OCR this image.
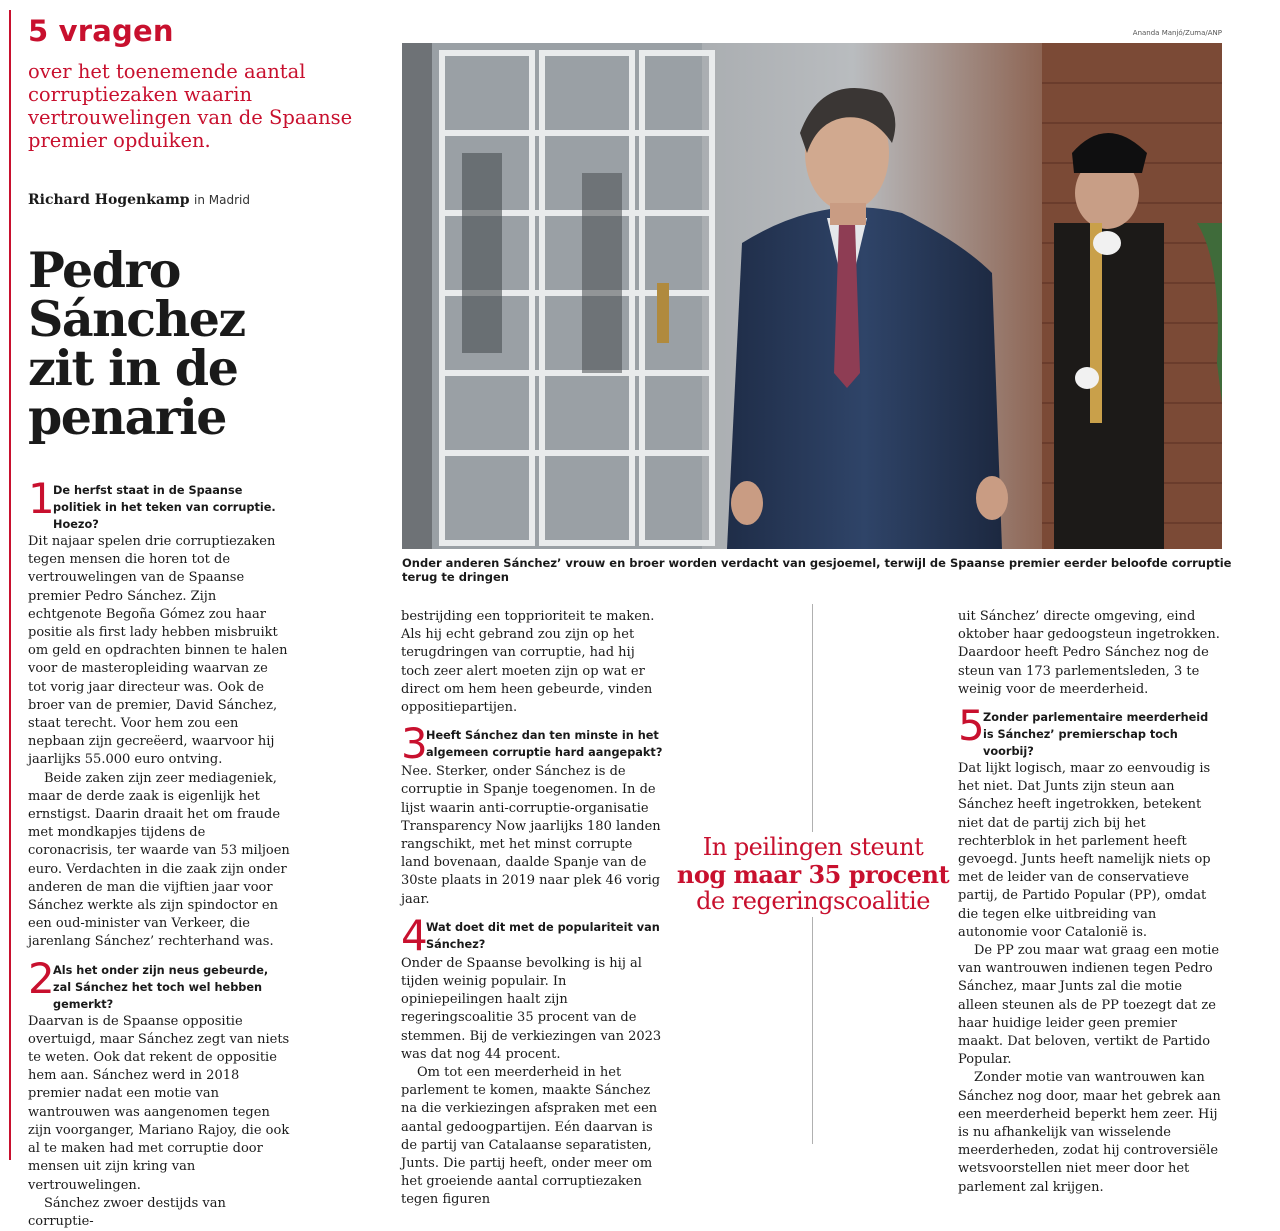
5 vragen
over het toenemende aantal corruptiezaken waarin vertrouwelingen van de Spaanse premier opduiken.
Richard Hogenkamp in Madrid
Pedro
Sánchez
zit in de
penarie
Ananda Manjó/Zuma/ANP
Onder anderen Sánchez’ vrouw en broer worden verdacht van gesjoemel, terwijl de Spaanse premier eerder beloofde corruptie terug te dringen
1
De herfst staat in de Spaanse politiek in het teken van corruptie. Hoezo?

Dit najaar spelen drie corruptiezaken tegen mensen die horen tot de vertrouwelingen van de Spaanse premier Pedro Sánchez. Zijn echtgenote Begoña Gómez zou haar positie als first lady hebben misbruikt om geld en opdrachten binnen te halen voor de masteropleiding waarvan ze tot vorig jaar directeur was. Ook de broer van de premier, David Sánchez, staat terecht. Voor hem zou een nepbaan zijn gecreëerd, waarvoor hij jaarlijks 55.000 euro ontving.

Beide zaken zijn zeer mediageniek, maar de derde zaak is eigenlijk het ernstigst. Daarin draait het om fraude met mondkapjes tijdens de coronacrisis, ter waarde van 53 miljoen euro. Verdachten in die zaak zijn onder anderen de man die vijftien jaar voor Sánchez werkte als zijn spindoctor en een oud-minister van Verkeer, die jarenlang Sánchez’ rechterhand was.

2
Als het onder zijn neus gebeurde, zal Sánchez het toch wel hebben gemerkt?

Daarvan is de Spaanse oppositie overtuigd, maar Sánchez zegt van niets te weten. Ook dat rekent de oppositie hem aan. Sánchez werd in 2018 premier nadat een motie van wantrouwen was aangenomen tegen zijn voorganger, Mariano Rajoy, die ook al te maken had met corruptie door mensen uit zijn kring van vertrouwelingen.

Sánchez zwoer destijds van corruptie-

bestrijding een topprioriteit te maken. Als hij echt gebrand zou zijn op het terugdringen van corruptie, had hij toch zeer alert moeten zijn op wat er direct om hem heen gebeurde, vinden oppositiepartijen.

3
Heeft Sánchez dan ten minste in het algemeen corruptie hard aangepakt?

Nee. Sterker, onder Sánchez is de corruptie in Spanje toegenomen. In de lijst waarin anti-corruptie-organisatie Transparency Now jaarlijks 180 landen rangschikt, met het minst corrupte land bovenaan, daalde Spanje van de 30ste plaats in 2019 naar plek 46 vorig jaar.

4
Wat doet dit met de populariteit van Sánchez?

Onder de Spaanse bevolking is hij al tijden weinig populair. In opiniepeilingen haalt zijn regeringscoalitie 35 procent van de stemmen. Bij de verkiezingen van 2023 was dat nog 44 procent.

Om tot een meerderheid in het parlement te komen, maakte Sánchez na die verkiezingen afspraken met een aantal gedoogpartijen. Eén daarvan is de partij van Catalaanse separatisten, Junts. Die partij heeft, onder meer om het groeiende aantal corruptiezaken tegen figuren

In peilingen steunt
nog maar 35 procent
de regeringscoalitie

uit Sánchez’ directe omgeving, eind oktober haar gedoogsteun ingetrokken. Daardoor heeft Pedro Sánchez nog de steun van 173 parlementsleden, 3 te weinig voor de meerderheid.

5
Zonder parlementaire meerderheid is Sánchez’ premierschap toch voorbij?

Dat lijkt logisch, maar zo eenvoudig is het niet. Dat Junts zijn steun aan Sánchez heeft ingetrokken, betekent niet dat de partij zich bij het rechterblok in het parlement heeft gevoegd. Junts heeft namelijk niets op met de leider van de conservatieve partij, de Partido Popular (PP), omdat die tegen elke uitbreiding van autonomie voor Catalonië is.

De PP zou maar wat graag een motie van wantrouwen indienen tegen Pedro Sánchez, maar Junts zal die motie alleen steunen als de PP toezegt dat ze haar huidige leider geen premier maakt. Dat beloven, vertikt de Partido Popular.

Zonder motie van wantrouwen kan Sánchez nog door, maar het gebrek aan een meerderheid beperkt hem zeer. Hij is nu afhankelijk van wisselende meerderheden, zodat hij controversiële wetsvoorstellen niet meer door het parlement zal krijgen.
